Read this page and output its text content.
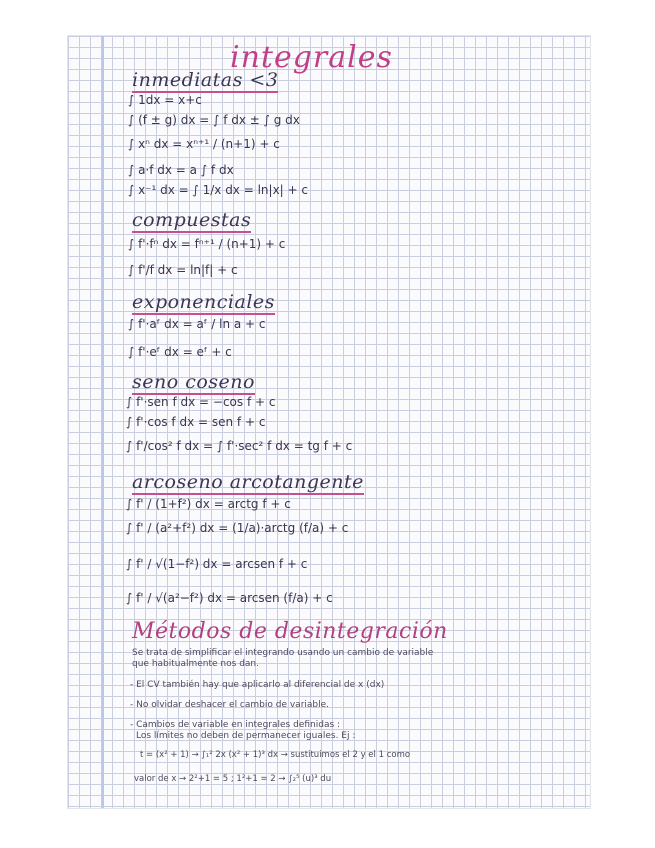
integrales
inmediatas <3
∫ 1dx = x+c
∫ (f ± g) dx = ∫ f dx ± ∫ g dx
∫ xⁿ dx = xⁿ⁺¹ / (n+1) + c
∫ a·f dx = a ∫ f dx
∫ x⁻¹ dx = ∫ 1/x dx = ln|x| + c
compuestas
∫ f'·fⁿ dx = fⁿ⁺¹ / (n+1) + c
∫ f'/f dx = ln|f| + c
exponenciales
∫ f'·aᶠ dx = aᶠ / ln a + c
∫ f'·eᶠ dx = eᶠ + c
seno coseno
∫ f'·sen f dx = −cos f + c
∫ f'·cos f dx = sen f + c
∫ f'/cos² f dx = ∫ f'·sec² f dx = tg f + c
arcoseno arcotangente
∫ f' / (1+f²) dx = arctg f + c
∫ f' / (a²+f²) dx = (1/a)·arctg (f/a) + c
∫ f' / √(1−f²) dx = arcsen f + c
∫ f' / √(a²−f²) dx = arcsen (f/a) + c
Métodos de desintegración
Se trata de simplificar el integrando usando un cambio de variable
que habitualmente nos dan.
- El CV también hay que aplicarlo al diferencial de x (dx)
- No olvidar deshacer el cambio de variable.
- Cambios de variable en integrales definidas :
Los límites no deben de permanecer iguales. Ej :
t = (x² + 1) → ∫₁² 2x (x² + 1)³ dx → sustituimos el 2 y el 1 como
valor de x → 2²+1 = 5 ; 1²+1 = 2 → ∫₂⁵ (u)³ du
